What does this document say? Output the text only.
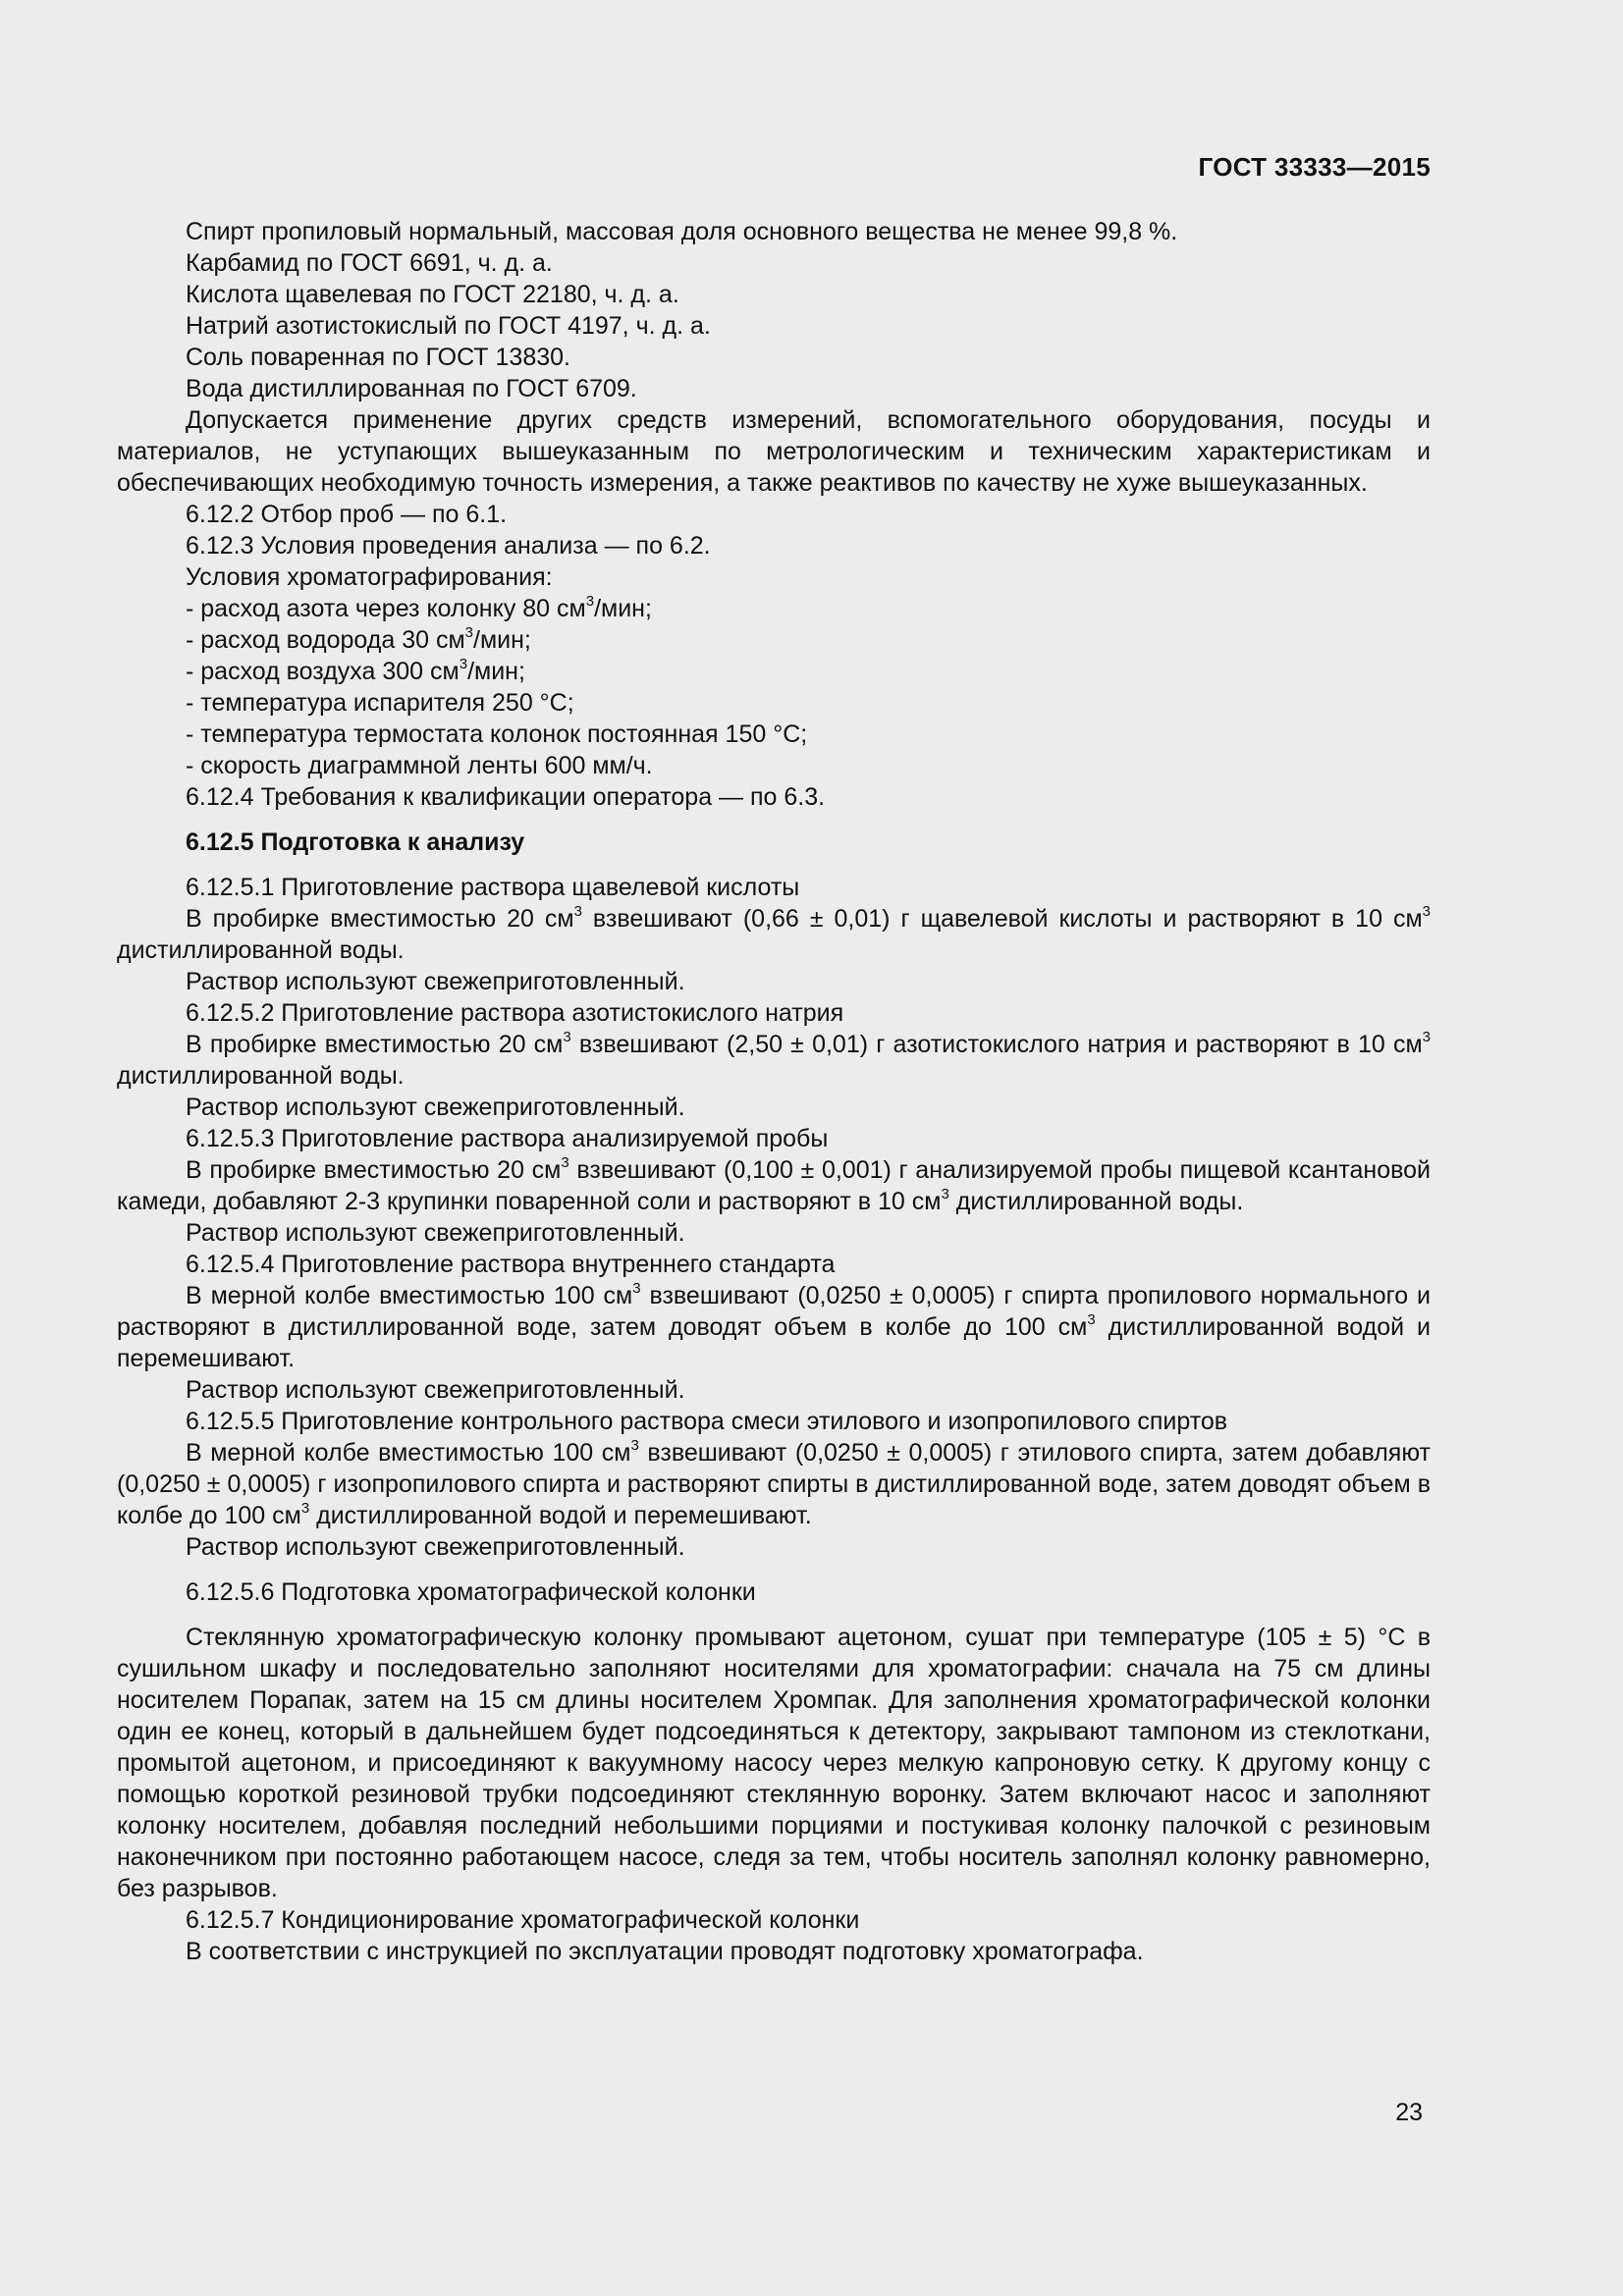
ГОСТ 33333—2015

Спирт пропиловый нормальный, массовая доля основного вещества не менее 99,8 %.

Карбамид по ГОСТ 6691, ч. д. а.

Кислота щавелевая по ГОСТ 22180, ч. д. а.

Натрий азотистокислый по ГОСТ 4197, ч. д. а.

Соль поваренная по ГОСТ 13830.

Вода дистиллированная по ГОСТ 6709.

Допускается применение других средств измерений, вспомогательного оборудования, посуды и материалов, не уступающих вышеуказанным по метрологическим и техническим характеристикам и обеспечивающих необходимую точность измерения, а также реактивов по качеству не хуже вышеуказанных.

6.12.2 Отбор проб — по 6.1.

6.12.3 Условия проведения анализа — по 6.2.

Условия хроматографирования:

- расход азота через колонку 80 $см^3$/мин;

- расход водорода 30 $см^3$/мин;

- расход воздуха 300 $см^3$/мин;

- температура испарителя 250 °С;

- температура термостата колонок постоянная 150 °С;

- скорость диаграммной ленты 600 мм/ч.

6.12.4 Требования к квалификации оператора — по 6.3.

6.12.5 Подготовка к анализу

6.12.5.1 Приготовление раствора щавелевой кислоты

В пробирке вместимостью 20 $см^3$ взвешивают (0,66 ± 0,01) г щавелевой кислоты и растворяют в 10 $см^3$ дистиллированной воды.

Раствор используют свежеприготовленный.

6.12.5.2 Приготовление раствора азотистокислого натрия

В пробирке вместимостью 20 $см^3$ взвешивают (2,50 ± 0,01) г азотистокислого натрия и растворяют в 10 $см^3$ дистиллированной воды.

Раствор используют свежеприготовленный.

6.12.5.3 Приготовление раствора анализируемой пробы

В пробирке вместимостью 20 $см^3$ взвешивают (0,100 ± 0,001) г анализируемой пробы пищевой ксантановой камеди, добавляют 2-3 крупинки поваренной соли и растворяют в 10 $см^3$ дистиллированной воды.

Раствор используют свежеприготовленный.

6.12.5.4 Приготовление раствора внутреннего стандарта

В мерной колбе вместимостью 100 $см^3$ взвешивают (0,0250 ± 0,0005) г спирта пропилового нормального и растворяют в дистиллированной воде, затем доводят объем в колбе до 100 $см^3$ дистиллированной водой и перемешивают.

Раствор используют свежеприготовленный.

6.12.5.5 Приготовление контрольного раствора смеси этилового и изопропилового спиртов

В мерной колбе вместимостью 100 $см^3$ взвешивают (0,0250 ± 0,0005) г этилового спирта, затем добавляют (0,0250 ± 0,0005) г изопропилового спирта и растворяют спирты в дистиллированной воде, затем доводят объем в колбе до 100 $см^3$ дистиллированной водой и перемешивают.

Раствор используют свежеприготовленный.

6.12.5.6 Подготовка хроматографической колонки

Стеклянную хроматографическую колонку промывают ацетоном, сушат при температуре (105 ± 5) °С в сушильном шкафу и последовательно заполняют носителями для хроматографии: сначала на 75 см длины носителем Порапак, затем на 15 см длины носителем Хромпак. Для заполнения хроматографической колонки один ее конец, который в дальнейшем будет подсоединяться к детектору, закрывают тампоном из стеклоткани, промытой ацетоном, и присоединяют к вакуумному насосу через мелкую капроновую сетку. К другому концу с помощью короткой резиновой трубки подсоединяют стеклянную воронку. Затем включают насос и заполняют колонку носителем, добавляя последний небольшими порциями и постукивая колонку палочкой с резиновым наконечником при постоянно работающем насосе, следя за тем, чтобы носитель заполнял колонку равномерно, без разрывов.

6.12.5.7 Кондиционирование хроматографической колонки

В соответствии с инструкцией по эксплуатации проводят подготовку хроматографа.

23
